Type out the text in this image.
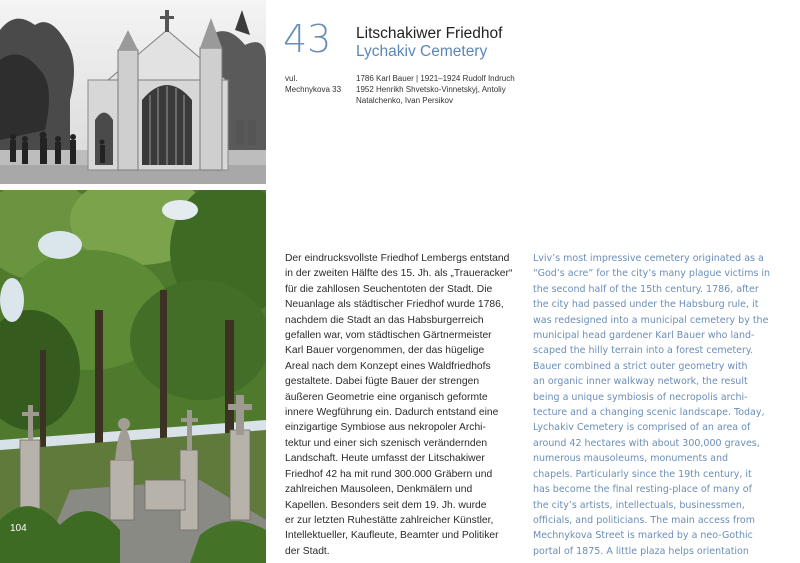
104
43 Litschakiwer Friedhof
Lychakiv Cemetery
vul.
Mechnykova 33
1786 Karl Bauer | 1921–1924 Rudolf Indruch
1952 Henrikh Shvetsko-Vinnetskyj, Antoliy
Natalchenko, Ivan Persikov
Der eindrucksvollste Friedhof Lembergs entstand
in der zweiten Hälfte des 15. Jh. als „Traueracker“
für die zahllosen Seuchentoten der Stadt. Die
Neuanlage als städtischer Friedhof wurde 1786,
nachdem die Stadt an das Habsburgerreich
gefallen war, vom städtischen Gärtnermeister
Karl Bauer vorgenommen, der das hügelige
Areal nach dem Konzept eines Waldfriedhofs
gestaltete. Dabei fügte Bauer der strengen
äußeren Geometrie eine organisch geformte
innere Wegführung ein. Dadurch entstand eine
einzigartige Symbiose aus nekropoler Archi-
tektur und einer sich szenisch verändernden
Landschaft. Heute umfasst der Litschakiwer
Friedhof 42 ha mit rund 300.000 Gräbern und
zahlreichen Mausoleen, Denkmälern und
Kapellen. Besonders seit dem 19. Jh. wurde
er zur letzten Ruhestätte zahlreicher Künstler,
Intellektueller, Kaufleute, Beamter und Politiker
der Stadt.
Lviv’s most impressive cemetery originated as a
“God’s acre” for the city’s many plague victims in
the second half of the 15th century. 1786, after
the city had passed under the Habsburg rule, it
was redesigned into a municipal cemetery by the
municipal head gardener Karl Bauer who land-
scaped the hilly terrain into a forest cemetery.
Bauer combined a strict outer geometry with
an organic inner walkway network, the result
being a unique symbiosis of necropolis archi-
tecture and a changing scenic landscape. Today,
Lychakiv Cemetery is comprised of an area of
around 42 hectares with about 300,000 graves,
numerous mausoleums, monuments and
chapels. Particularly since the 19th century, it
has become the final resting-place of many of
the city’s artists, intellectuals, businessmen,
officials, and politicians. The main access from
Mechnykova Street is marked by a neo-Gothic
portal of 1875. A little plaza helps orientation
